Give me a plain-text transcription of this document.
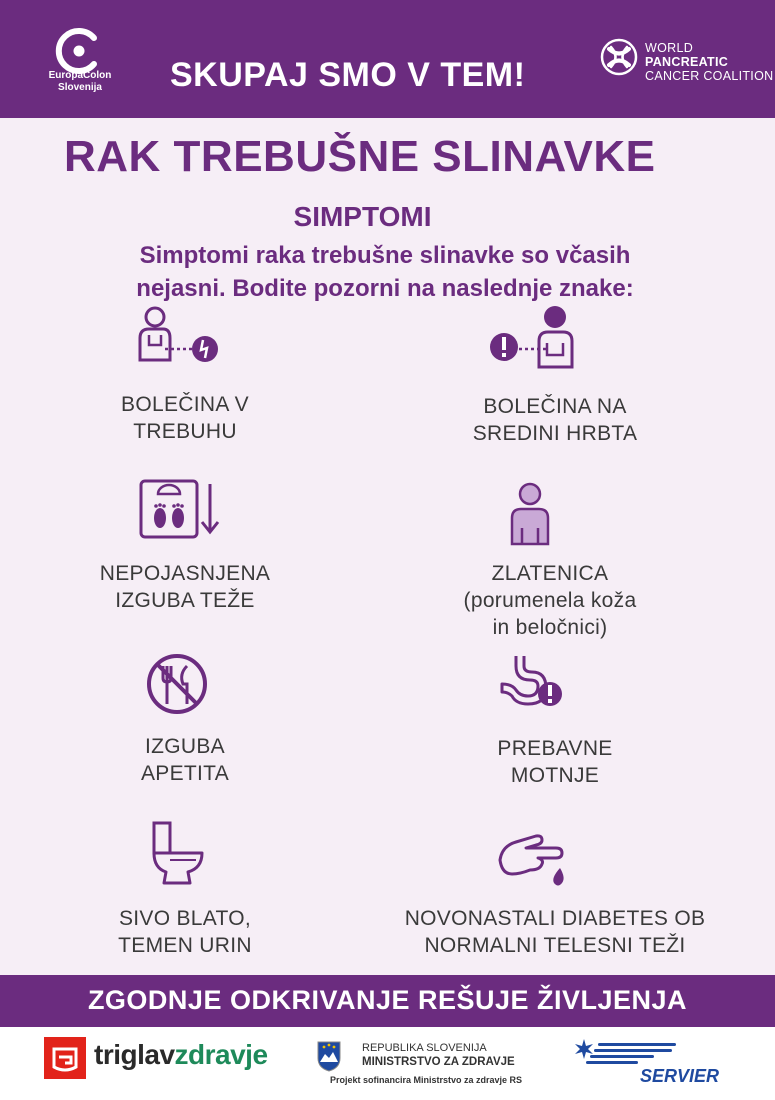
EuropaColon
Slovenija	SKUPAJ SMO V TEM!
WORLD PANCREATIC
CANCER COALITION
RAK TREBUŠNE SLINAVKE
SIMPTOMI
Simptomi raka trebušne slinavke so včasih
nejasni. Bodite pozorni na naslednje znake:
BOLEČINA V
TREBUHU
BOLEČINA NA
SREDINI HRBTA
NEPOJASNJENA
IZGUBA TEŽE
ZLATENICA
(porumenela koža
in beločnici)
IZGUBA
APETITA
PREBAVNE
MOTNJE
SIVO BLATO,
TEMEN URIN
NOVONASTALI DIABETES OB
NORMALNI TELESNI TEŽI
ZGODNJE ODKRIVANJE REŠUJE ŽIVLJENJA
triglavzdravje	REPUBLIKA SLOVENIJA
MINISTRSTVO ZA ZDRAVJE
Projekt sofinancira Ministrstvo za zdravje RS	SERVIER
